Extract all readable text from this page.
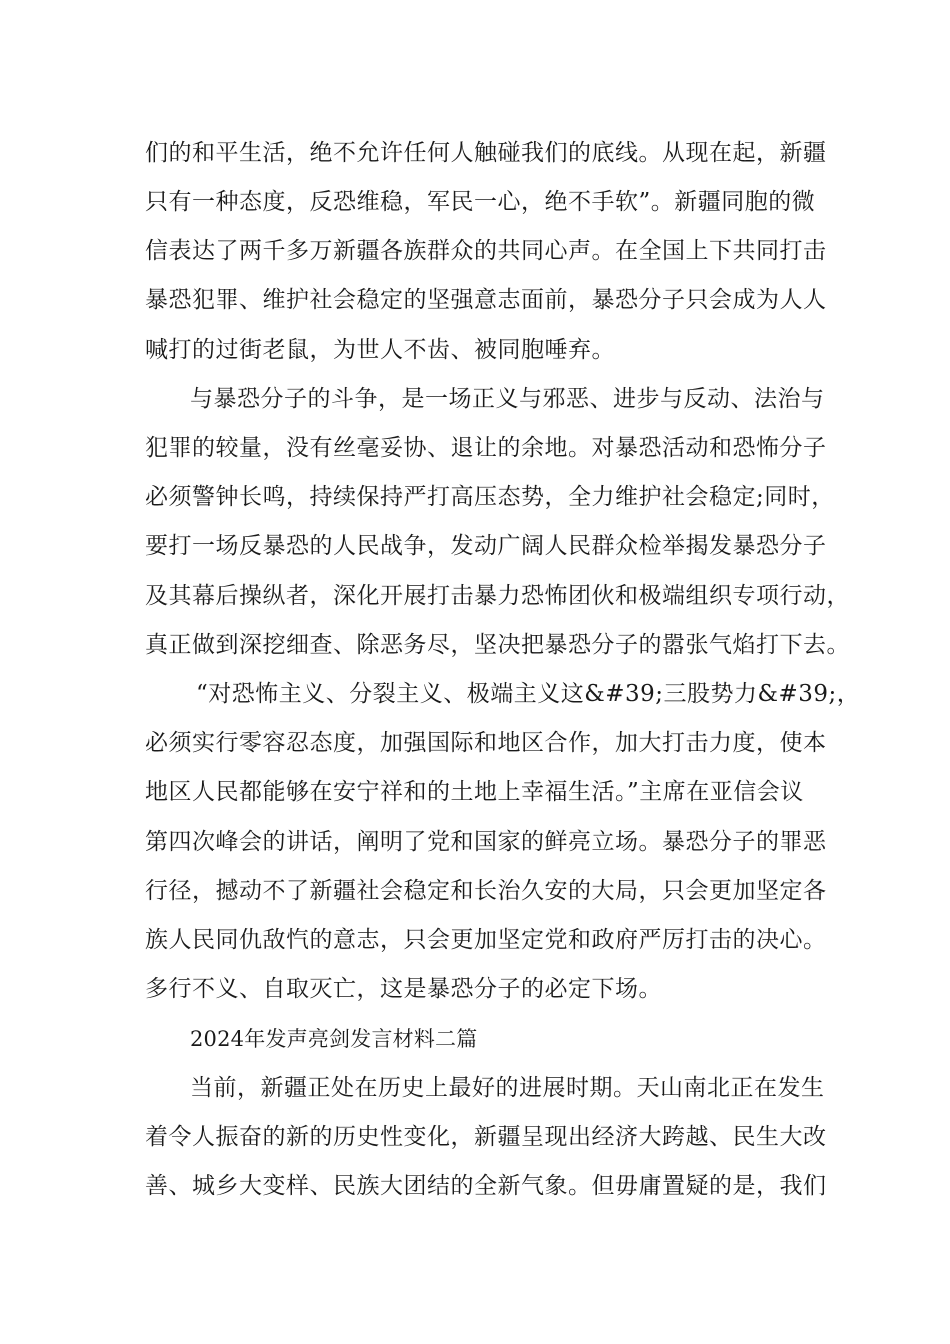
们的和平生活，绝不允许任何人触碰我们的底线。从现在起，新疆
只有一种态度，反恐维稳，军民一心，绝不手软”。新疆同胞的微
信表达了两千多万新疆各族群众的共同心声。在全国上下共同打击
暴恐犯罪、维护社会稳定的坚强意志面前，暴恐分子只会成为人人
喊打的过街老鼠，为世人不齿、被同胞唾弃。
与暴恐分子的斗争，是一场正义与邪恶、进步与反动、法治与
犯罪的较量，没有丝毫妥协、退让的余地。对暴恐活动和恐怖分子
必须警钟长鸣，持续保持严打高压态势，全力维护社会稳定;同时，
要打一场反暴恐的人民战争，发动广阔人民群众检举揭发暴恐分子
及其幕后操纵者，深化开展打击暴力恐怖团伙和极端组织专项行动，
真正做到深挖细查、除恶务尽，坚决把暴恐分子的嚣张气焰打下去。
“对恐怖主义、分裂主义、极端主义这&#39;三股势力&#39;，
必须实行零容忍态度，加强国际和地区合作，加大打击力度，使本
地区人民都能够在安宁祥和的土地上幸福生活。”主席在亚信会议
第四次峰会的讲话，阐明了党和国家的鲜亮立场。暴恐分子的罪恶
行径，撼动不了新疆社会稳定和长治久安的大局，只会更加坚定各
族人民同仇敌忾的意志，只会更加坚定党和政府严厉打击的决心。
多行不义、自取灭亡，这是暴恐分子的必定下场。
2024年发声亮剑发言材料二篇
当前，新疆正处在历史上最好的进展时期。天山南北正在发生
着令人振奋的新的历史性变化，新疆呈现出经济大跨越、民生大改
善、城乡大变样、民族大团结的全新气象。但毋庸置疑的是，我们
